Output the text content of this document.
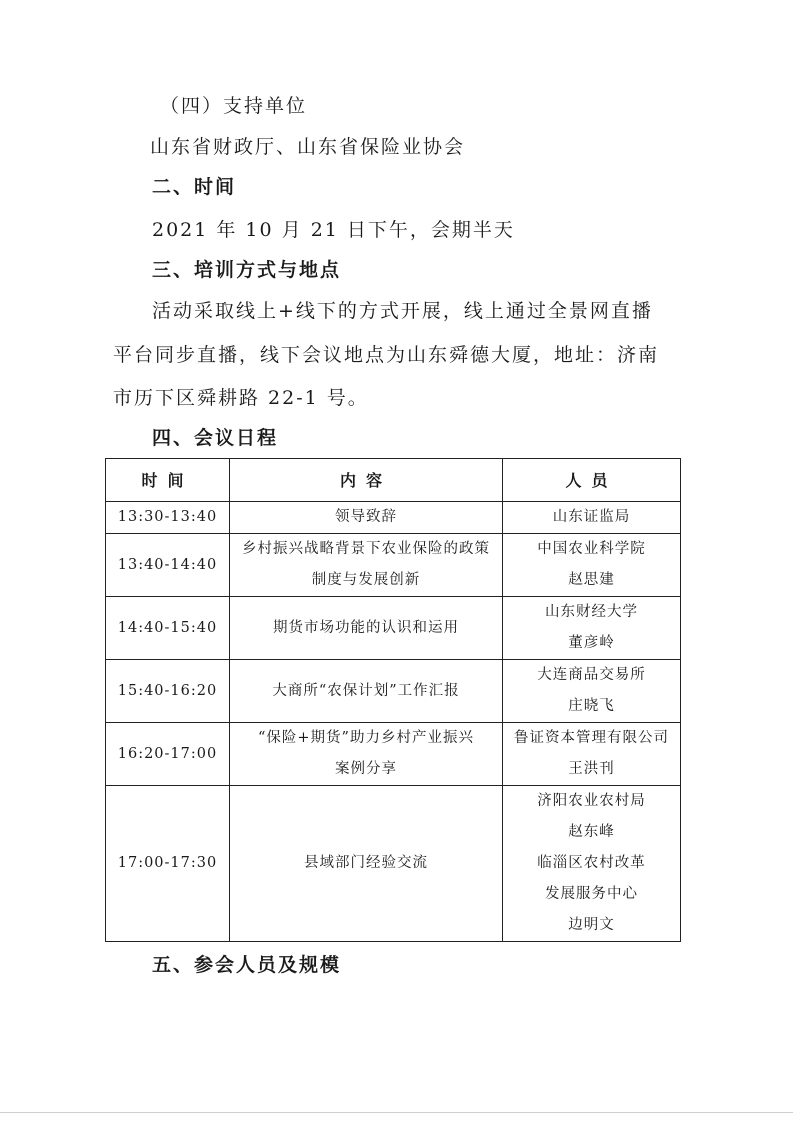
（四）支持单位
山东省财政厅、山东省保险业协会
二、时间
2021 年 10 月 21 日下午，会期半天
三、培训方式与地点
活动采取线上+线下的方式开展，线上通过全景网直播
平台同步直播，线下会议地点为山东舜德大厦，地址：济南
市历下区舜耕路 22-1 号。
四、会议日程
时间	内容	人员
13:30-13:40	领导致辞	山东证监局

13:40-14:40	乡村振兴战略背景下农业保险的政策
制度与发展创新	中国农业科学院
赵思建

14:40-15:40	期货市场功能的认识和运用	山东财经大学
董彦岭

15:40-16:20	大商所“农保计划”工作汇报	大连商品交易所
庄晓飞

16:20-17:00	“保险+期货”助力乡村产业振兴
案例分享	鲁证资本管理有限公司
王洪刊

17:00-17:30	县域部门经验交流	济阳农业农村局
赵东峰
临淄区农村改革
发展服务中心
边明文
五、参会人员及规模
